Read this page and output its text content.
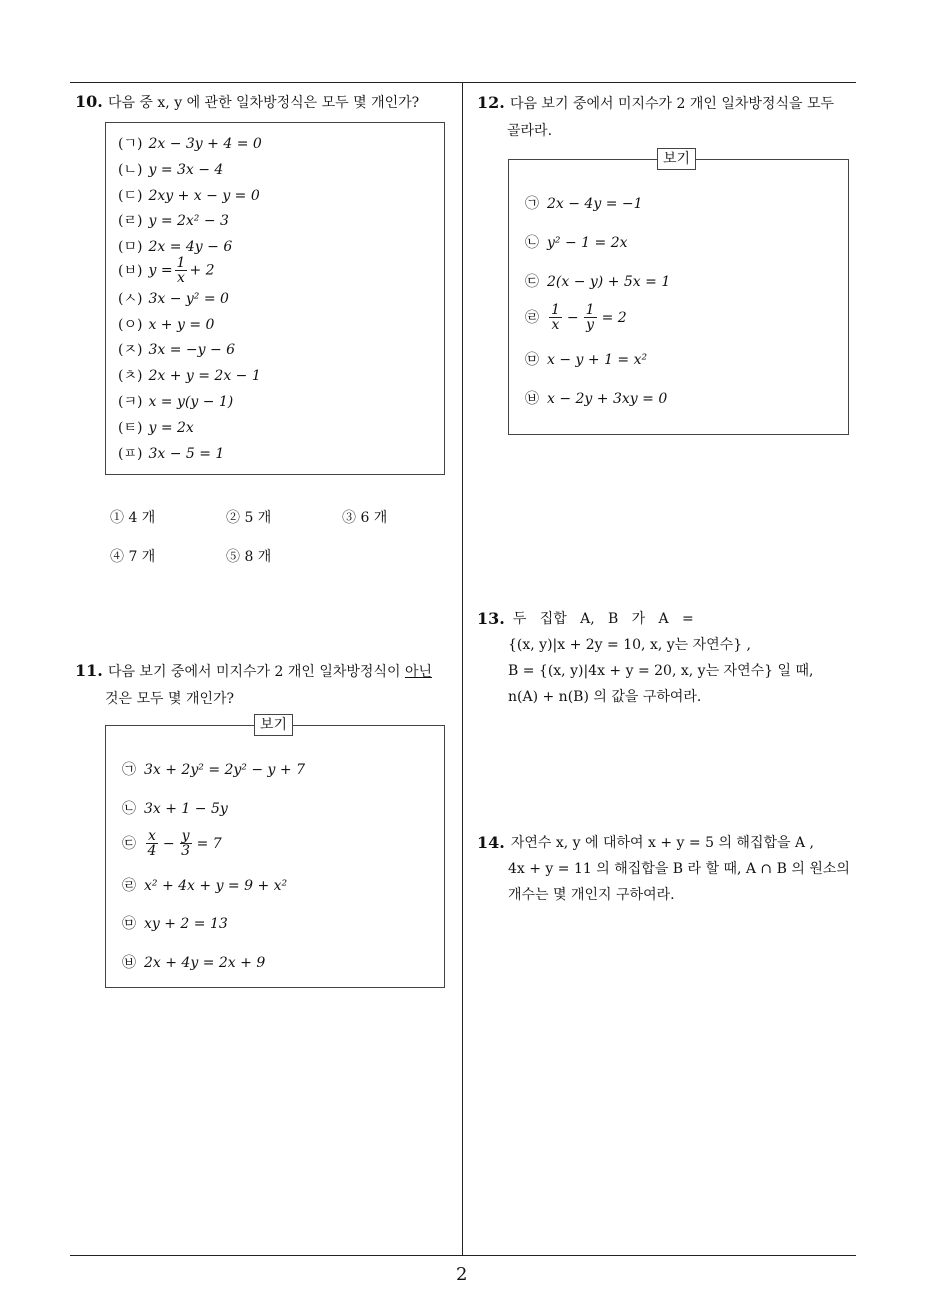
10. 다음 중 x, y 에 관한 일차방정식은 모두 몇 개인가?
(ㄱ) 2x − 3y + 4 = 0
(ㄴ) y = 3x − 4
(ㄷ) 2xy + x − y = 0
(ㄹ) y = 2x² − 3
(ㅁ) 2x = 4y − 6
(ㅂ) $y = \frac{1}{x} + 2$
(ㅅ) 3x − y² = 0
(ㅇ) x + y = 0
(ㅈ) 3x = −y − 6
(ㅊ) 2x + y = 2x − 1
(ㅋ) x = y(y − 1)
(ㅌ) y = 2x
(ㅍ) 3x − 5 = 1
① 4 개	② 5 개	③ 6 개
④ 7 개	⑤ 8 개
11. 다음 보기 중에서 미지수가 2 개인 일차방정식이 아닌
것은 모두 몇 개인가?
㉠ 3x + 2y² = 2y² − y + 7
㉡ 3x + 1 − 5y
㉢ $\frac{x}{4} - \frac{y}{3} = 7$
㉣ x² + 4x + y = 9 + x²
㉤ xy + 2 = 13
㉥ 2x + 4y = 2x + 9
보기
12. 다음 보기 중에서 미지수가 2 개인 일차방정식을 모두
골라라.
㉠ 2x − 4y = −1
㉡ y² − 1 = 2x
㉢ 2(x − y) + 5x = 1
㉣ $\frac{1}{x} - \frac{1}{y} = 2$
㉤ x − y + 1 = x²
㉥ x − 2y + 3xy = 0
보기
13. 두   집합   A,   B   가   A   =
{(x, y)|x + 2y = 10, x, y는 자연수} ,
B = {(x, y)|4x + y = 20, x, y는 자연수} 일 때,
n(A) + n(B) 의 값을 구하여라.
14. 자연수 x, y 에 대하여 x + y = 5 의 해집합을 A ,
4x + y = 11 의 해집합을 B 라 할 때, A ∩ B 의 원소의
개수는 몇 개인지 구하여라.
2
